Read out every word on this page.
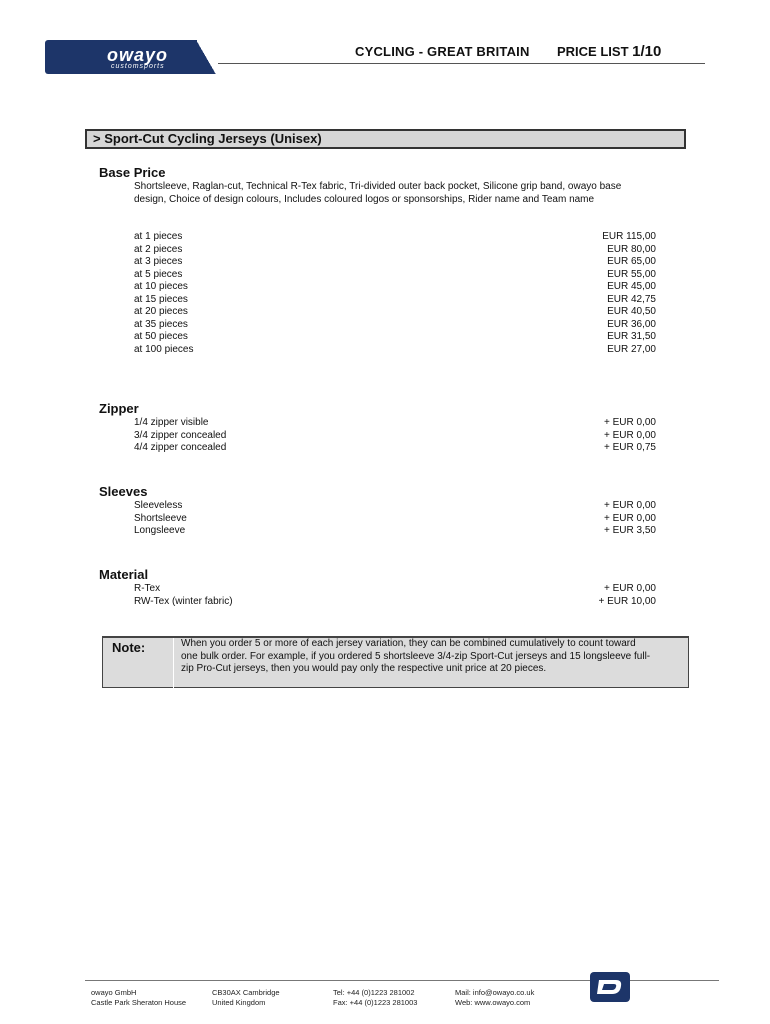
owayo
customsports
CYCLING - GREAT BRITAIN PRICE LIST 1/10
> Sport-Cut Cycling Jerseys (Unisex)
Base Price
Shortsleeve, Raglan-cut, Technical R-Tex fabric, Tri-divided outer back pocket, Silicone grip band, owayo base design, Choice of design colours, Includes coloured logos or sponsorships, Rider name and Team name
at 1 pieces	EUR 115,00
at 2 pieces	EUR 80,00
at 3 pieces	EUR 65,00
at 5 pieces	EUR 55,00
at 10 pieces	EUR 45,00
at 15 pieces	EUR 42,75
at 20 pieces	EUR 40,50
at 35 pieces	EUR 36,00
at 50 pieces	EUR 31,50
at 100 pieces	EUR 27,00
Zipper
1/4 zipper visible	+ EUR 0,00
3/4 zipper concealed	+ EUR 0,00
4/4 zipper concealed	+ EUR 0,75
Sleeves
Sleeveless	+ EUR 0,00
Shortsleeve	+ EUR 0,00
Longsleeve	+ EUR 3,50
Material
R-Tex	+ EUR 0,00
RW-Tex (winter fabric)	+ EUR 10,00
Note:	When you order 5 or more of each jersey variation, they can be combined cumulatively to count toward one bulk order. For example, if you ordered 5 shortsleeve 3/4-zip Sport-Cut jerseys and 15 longsleeve full-zip Pro-Cut jerseys, then you would pay only the respective unit price at 20 pieces.
owayo GmbH
Castle Park Sheraton House
CB30AX Cambridge
United Kingdom
Tel: +44 (0)1223 281002
Fax: +44 (0)1223 281003
Mail: info@owayo.co.uk
Web: www.owayo.com
